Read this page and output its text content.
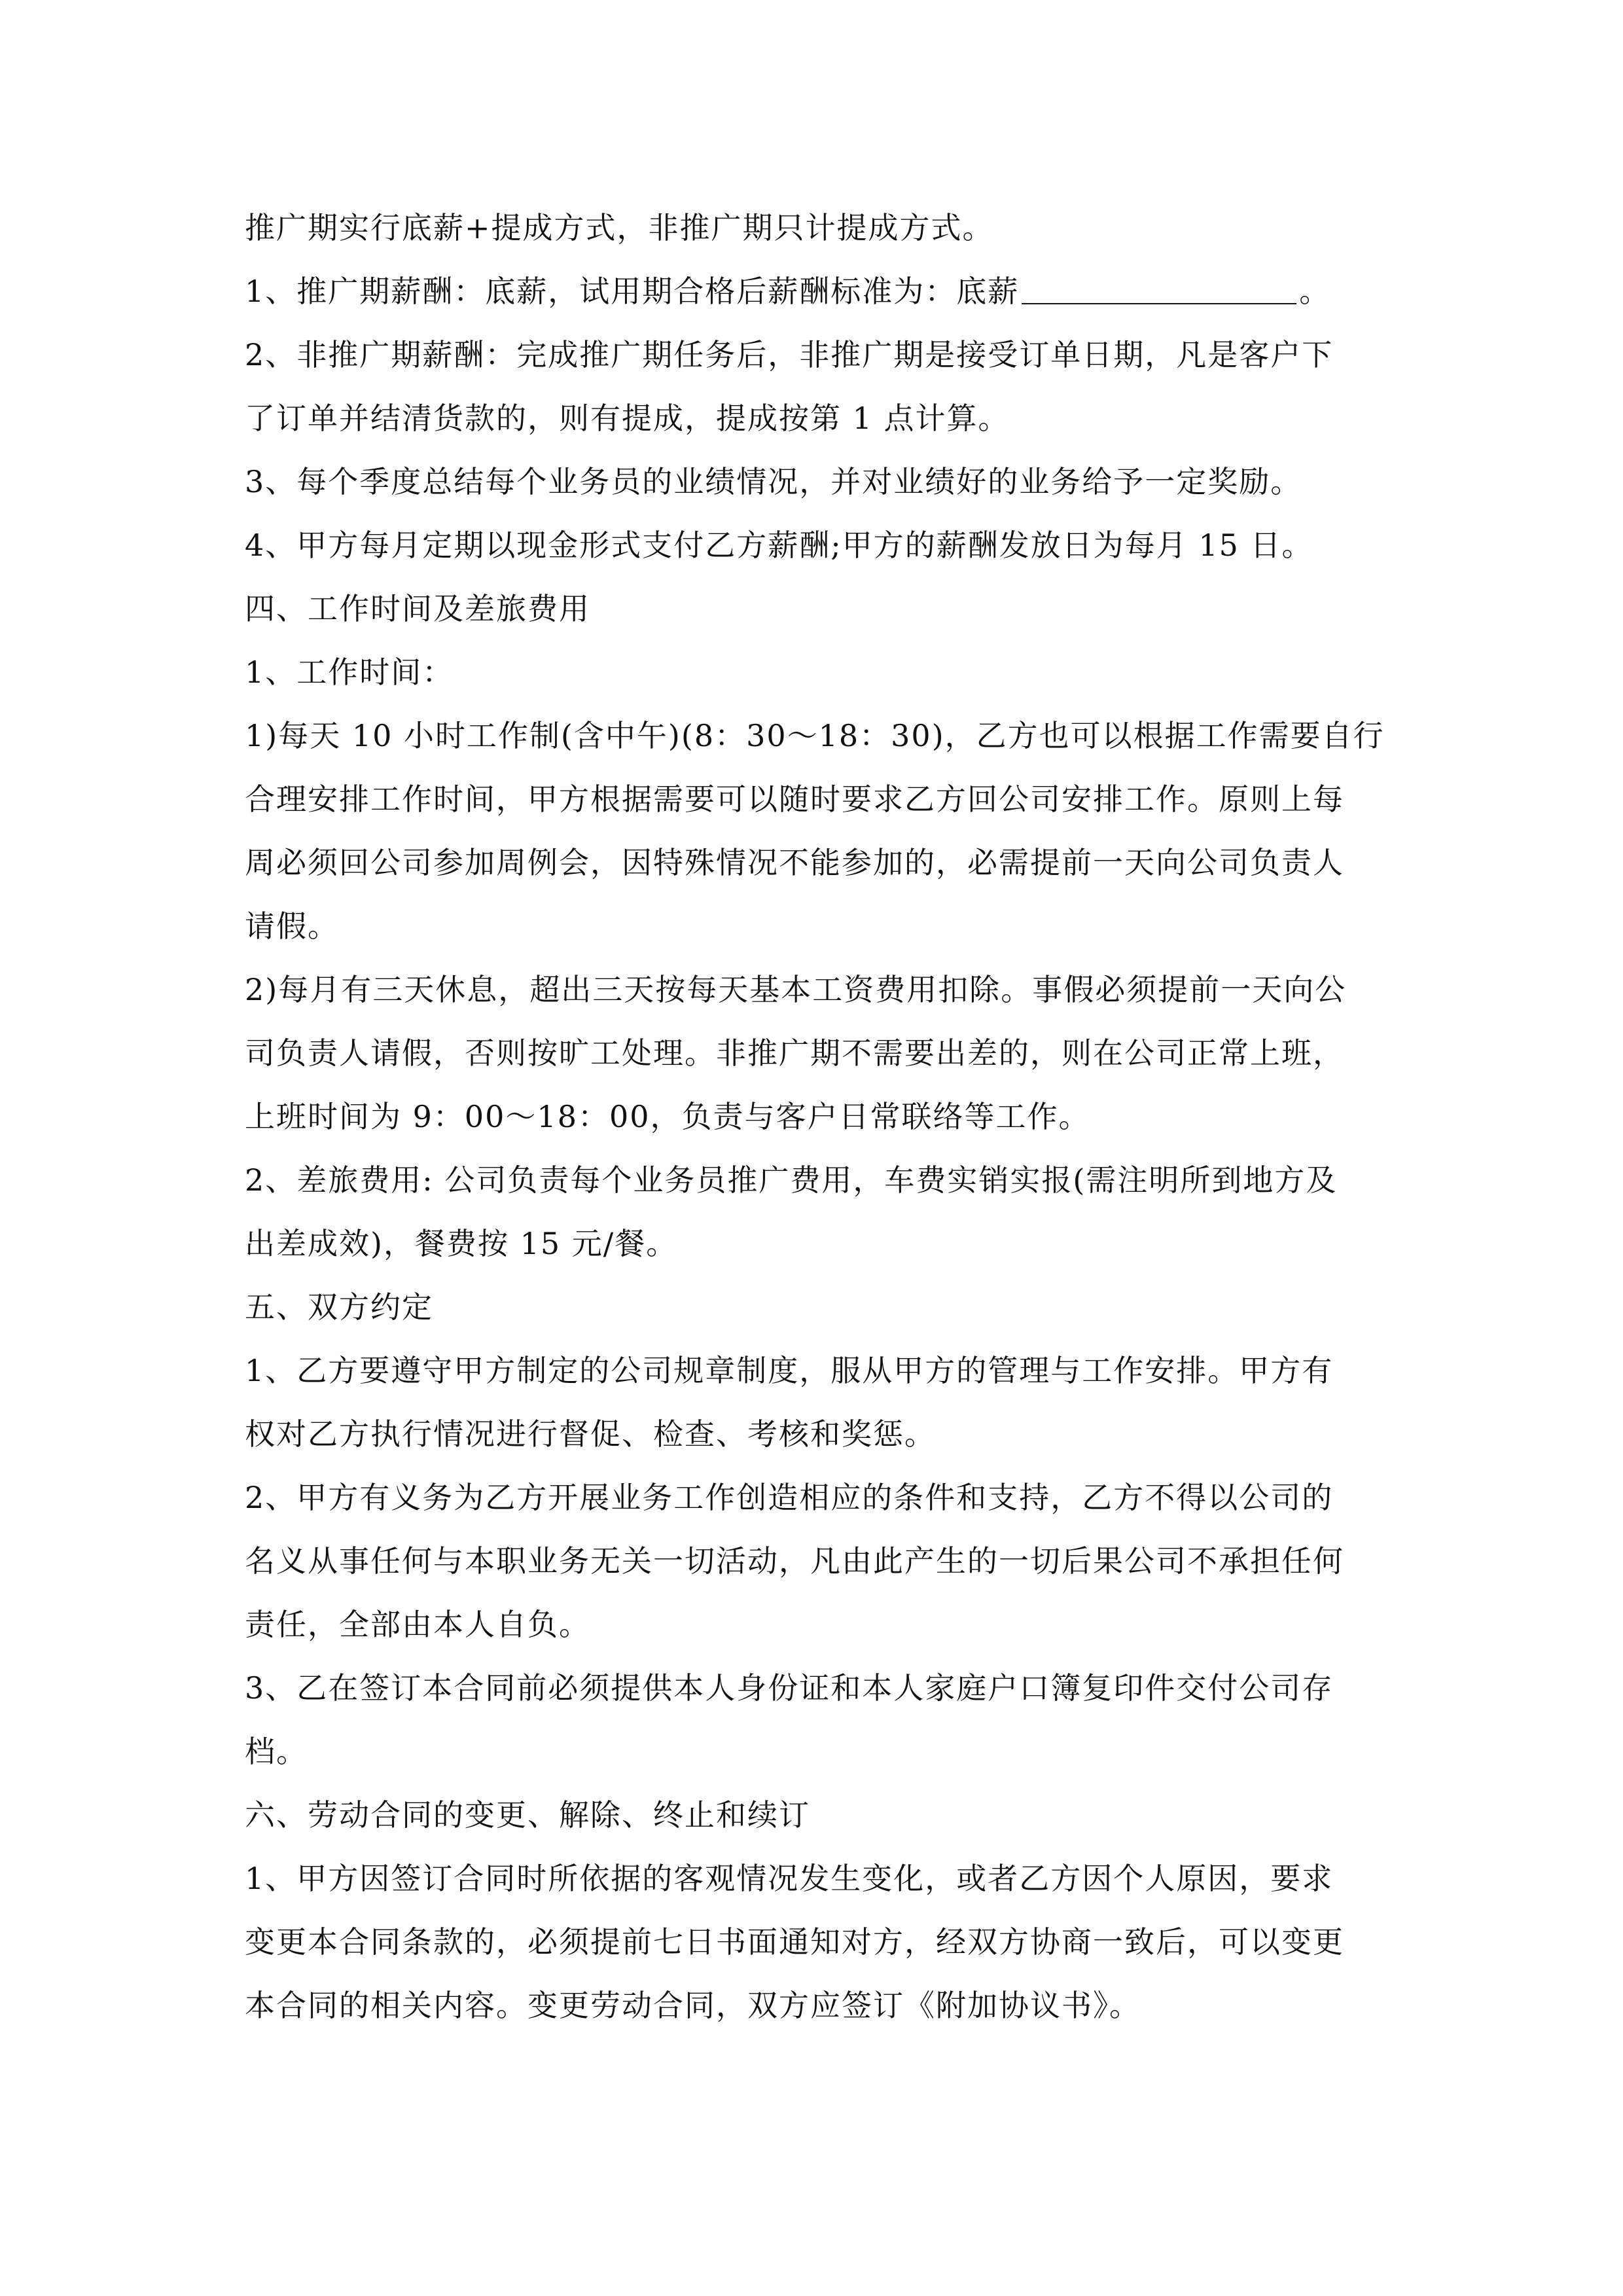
推广期实行底薪+提成方式，非推广期只计提成方式。

1、推广期薪酬：底薪，试用期合格后薪酬标准为：底薪	。

2、非推广期薪酬：完成推广期任务后，非推广期是接受订单日期，凡是客户下
了订单并结清货款的，则有提成，提成按第 1 点计算。

3、每个季度总结每个业务员的业绩情况，并对业绩好的业务给予一定奖励。

4、甲方每月定期以现金形式支付乙方薪酬;甲方的薪酬发放日为每月 15 日。

四、工作时间及差旅费用

1、工作时间：

1)每天 10 小时工作制(含中午)(8：30～18：30)，乙方也可以根据工作需要自行
合理安排工作时间，甲方根据需要可以随时要求乙方回公司安排工作。原则上每
周必须回公司参加周例会，因特殊情况不能参加的，必需提前一天向公司负责人
请假。

2)每月有三天休息，超出三天按每天基本工资费用扣除。事假必须提前一天向公
司负责人请假，否则按旷工处理。非推广期不需要出差的，则在公司正常上班，
上班时间为 9：00～18：00，负责与客户日常联络等工作。

2、差旅费用: 公司负责每个业务员推广费用，车费实销实报(需注明所到地方及
出差成效)，餐费按 15 元/餐。

五、双方约定

1、乙方要遵守甲方制定的公司规章制度，服从甲方的管理与工作安排。甲方有
权对乙方执行情况进行督促、检查、考核和奖惩。

2、甲方有义务为乙方开展业务工作创造相应的条件和支持，乙方不得以公司的
名义从事任何与本职业务无关一切活动，凡由此产生的一切后果公司不承担任何
责任，全部由本人自负。

3、乙在签订本合同前必须提供本人身份证和本人家庭户口簿复印件交付公司存
档。

六、劳动合同的变更、解除、终止和续订

1、甲方因签订合同时所依据的客观情况发生变化，或者乙方因个人原因，要求
变更本合同条款的，必须提前七日书面通知对方，经双方协商一致后，可以变更
本合同的相关内容。变更劳动合同，双方应签订《附加协议书》。
